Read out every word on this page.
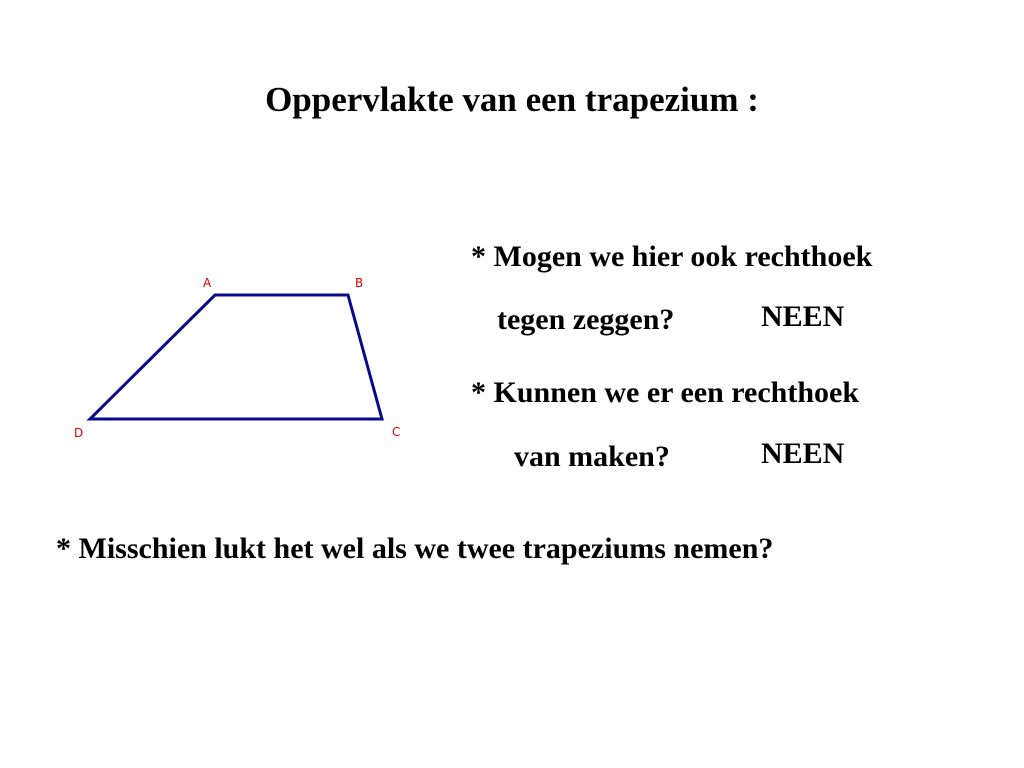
Oppervlakte van een trapezium :
A	B
C
D
* Mogen we hier ook rechthoek
tegen zeggen?	NEEN
* Kunnen we er een rechthoek
van maken?	NEEN
* Misschien lukt het wel als we twee trapeziums nemen?
